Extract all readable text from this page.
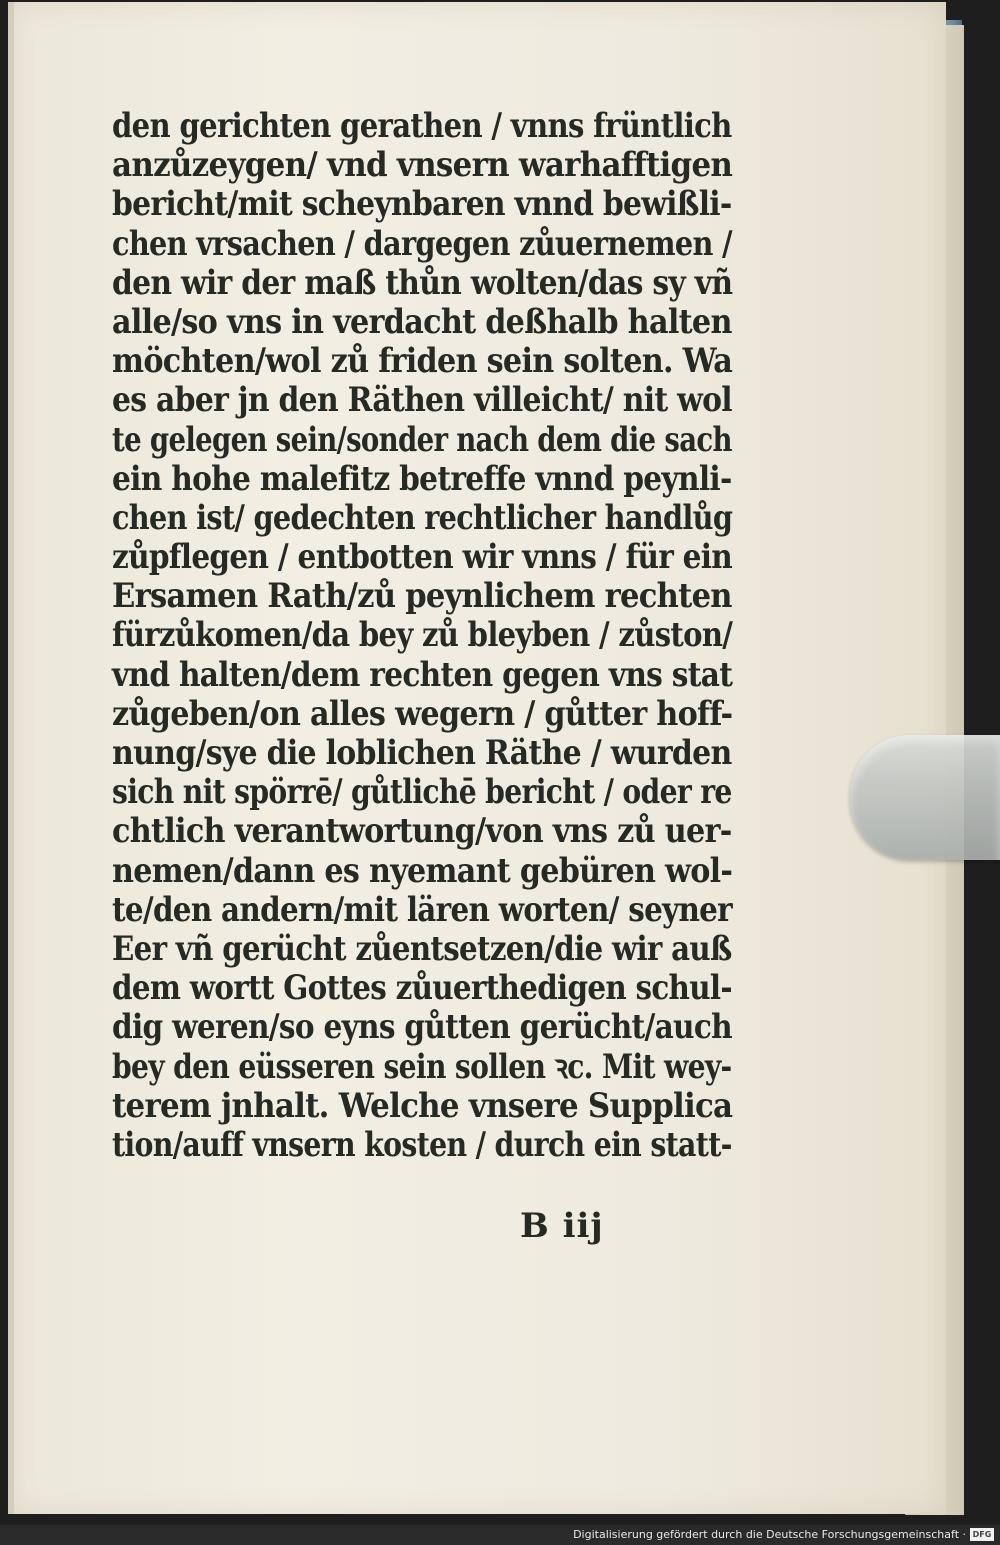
den gerichten gerathen / vnns früntlich
anzůzeygen/ vnd vnsern warhafftigen
bericht/mit scheynbaren vnnd bewißli-
chen vrsachen / dargegen zůuernemen /
den wir der maß thůn wolten/das sy vñ
alle/so vns in verdacht deßhalb halten
möchten/wol zů friden sein solten. Wa
es aber jn den Räthen villeicht/ nit wol
te gelegen sein/sonder nach dem die sach
ein hohe malefitz betreffe vnnd peynli-
chen ist/ gedechten rechtlicher handlůg
zůpflegen / entbotten wir vnns / für ein
Ersamen Rath/zů peynlichem rechten
fürzůkomen/da bey zů bleyben / zůston/
vnd halten/dem rechten gegen vns stat
zůgeben/on alles wegern / gůtter hoff-
nung/sye die loblichen Räthe / wurden
sich nit spörrē/ gůtlichē bericht / oder re
chtlich verantwortung/von vns zů uer-
nemen/dann es nyemant gebüren wol-
te/den andern/mit lären worten/ seyner
Eer vñ gerücht zůentsetzen/die wir auß
dem wortt Gottes zůuerthedigen schul-
dig weren/so eyns gůtten gerücht/auch
bey den eüsseren sein sollen ꝛc. Mit wey-
terem jnhalt. Welche vnsere Supplica
tion/auff vnsern kosten / durch ein statt-
B iij
Digitalisierung gefördert durch die Deutsche Forschungsgemeinschaft · DFG
